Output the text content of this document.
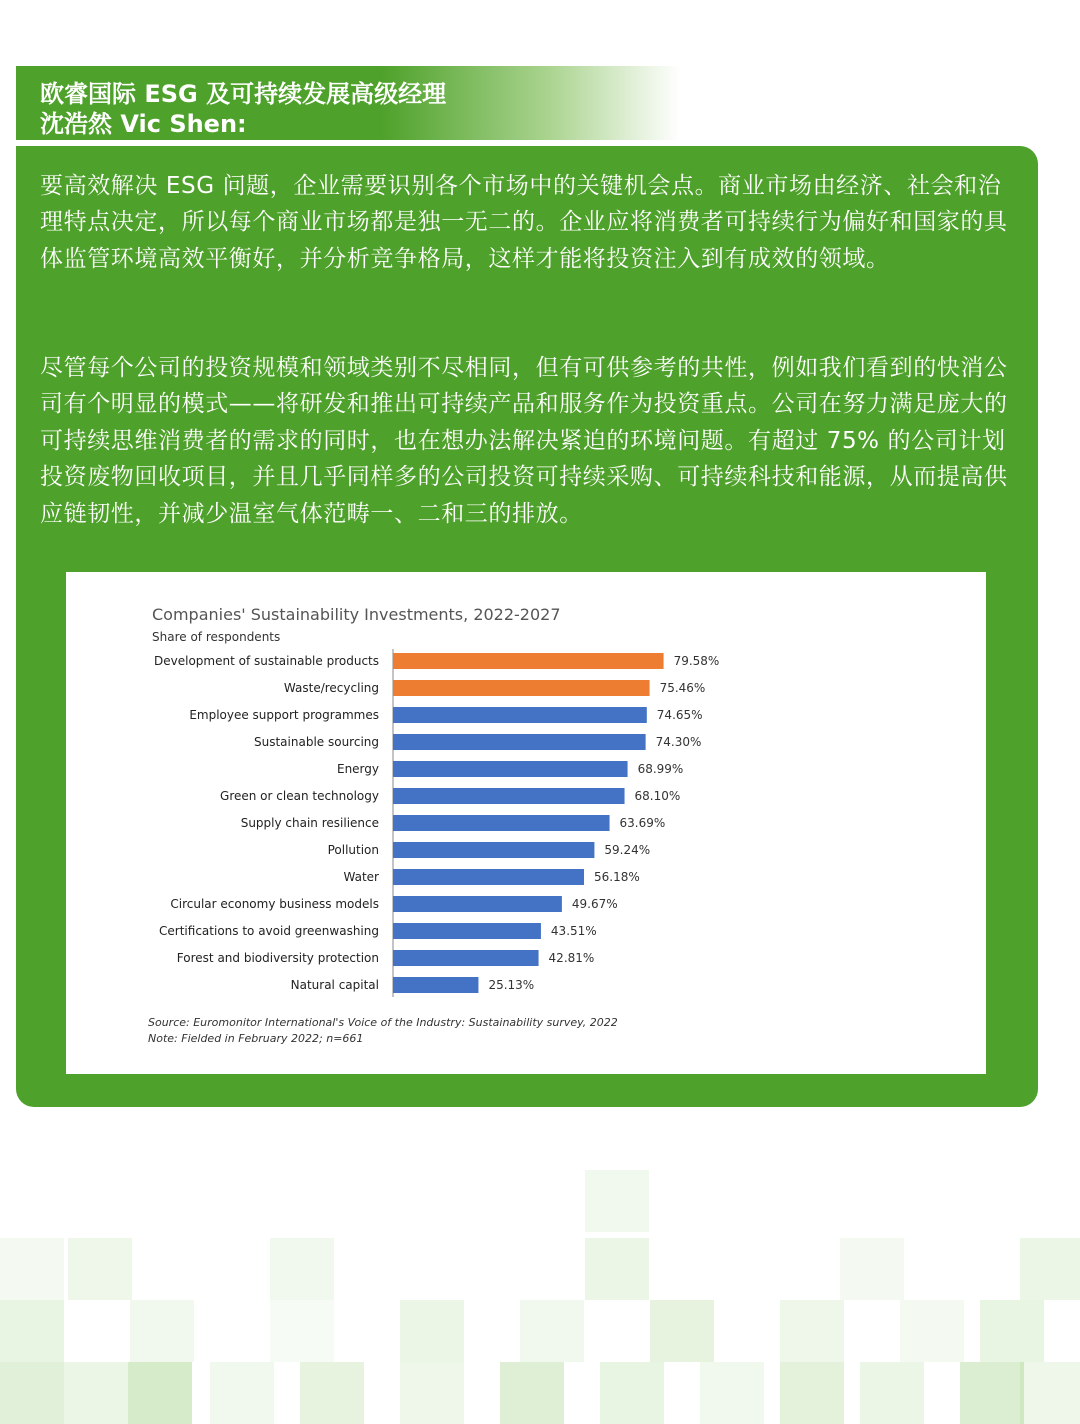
欧睿国际 ESG 及可持续发展高级经理
沈浩然 Vic Shen:

要高效解决 ESG 问题，企业需要识别各个市场中的关键机会点。商业市场由经济、社会和治理特点决定，所以每个商业市场都是独一无二的。企业应将消费者可持续行为偏好和国家的具体监管环境高效平衡好，并分析竞争格局，这样才能将投资注入到有成效的领域。

尽管每个公司的投资规模和领域类别不尽相同，但有可供参考的共性，例如我们看到的快消公司有个明显的模式——将研发和推出可持续产品和服务作为投资重点。公司在努力满足庞大的可持续思维消费者的需求的同时，也在想办法解决紧迫的环境问题。有超过 75% 的公司计划投资废物回收项目，并且几乎同样多的公司投资可持续采购、可持续科技和能源，从而提高供应链韧性，并减少温室气体范畴一、二和三的排放。

Companies' Sustainability Investments, 2022-2027
Share of respondents
Development of sustainable products	79.58%
Waste/recycling	75.46%
Employee support programmes	74.65%
Sustainable sourcing	74.30%
Energy	68.99%
Green or clean technology	68.10%
Supply chain resilience	63.69%
Pollution	59.24%
Water	56.18%
Circular economy business models	49.67%
Certifications to avoid greenwashing	43.51%
Forest and biodiversity protection	42.81%
Natural capital	25.13%
Source: Euromonitor International's Voice of the Industry: Sustainability survey, 2022
Note: Fielded in February 2022; n=661
